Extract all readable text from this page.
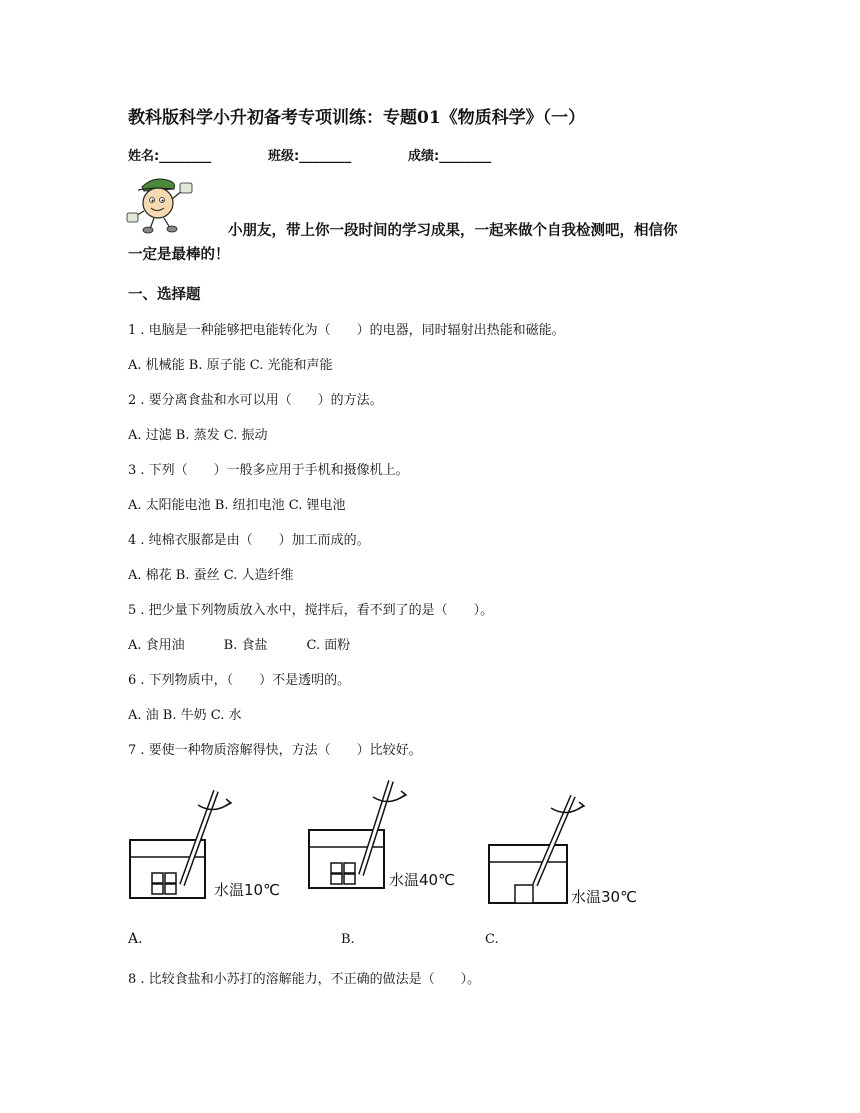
教科版科学小升初备考专项训练：专题01《物质科学》（一）
姓名:________	班级:________	成绩:________
小朋友，带上你一段时间的学习成果，一起来做个自我检测吧，相信你
一定是最棒的！
一、选择题
1 . 电脑是一种能够把电能转化为（　　）的电器，同时辐射出热能和磁能。
A. 机械能 B. 原子能 C. 光能和声能
2 . 要分离食盐和水可以用（　　）的方法。
A. 过滤 B. 蒸发 C. 振动
3 . 下列（　　）一般多应用于手机和摄像机上。
A. 太阳能电池 B. 纽扣电池 C. 锂电池
4 . 纯棉衣服都是由（　　）加工而成的。
A. 棉花 B. 蚕丝 C. 人造纤维
5 . 把少量下列物质放入水中，搅拌后，看不到了的是（　　）。
A. 食用油　　　B. 食盐　　　C. 面粉
6 . 下列物质中，（　　）不是透明的。
A. 油 B. 牛奶 C. 水
7 . 要使一种物质溶解得快，方法（　　）比较好。
水温10℃
水温40℃
水温30℃
A.	B.	C.
8 . 比较食盐和小苏打的溶解能力，不正确的做法是（　　）。
